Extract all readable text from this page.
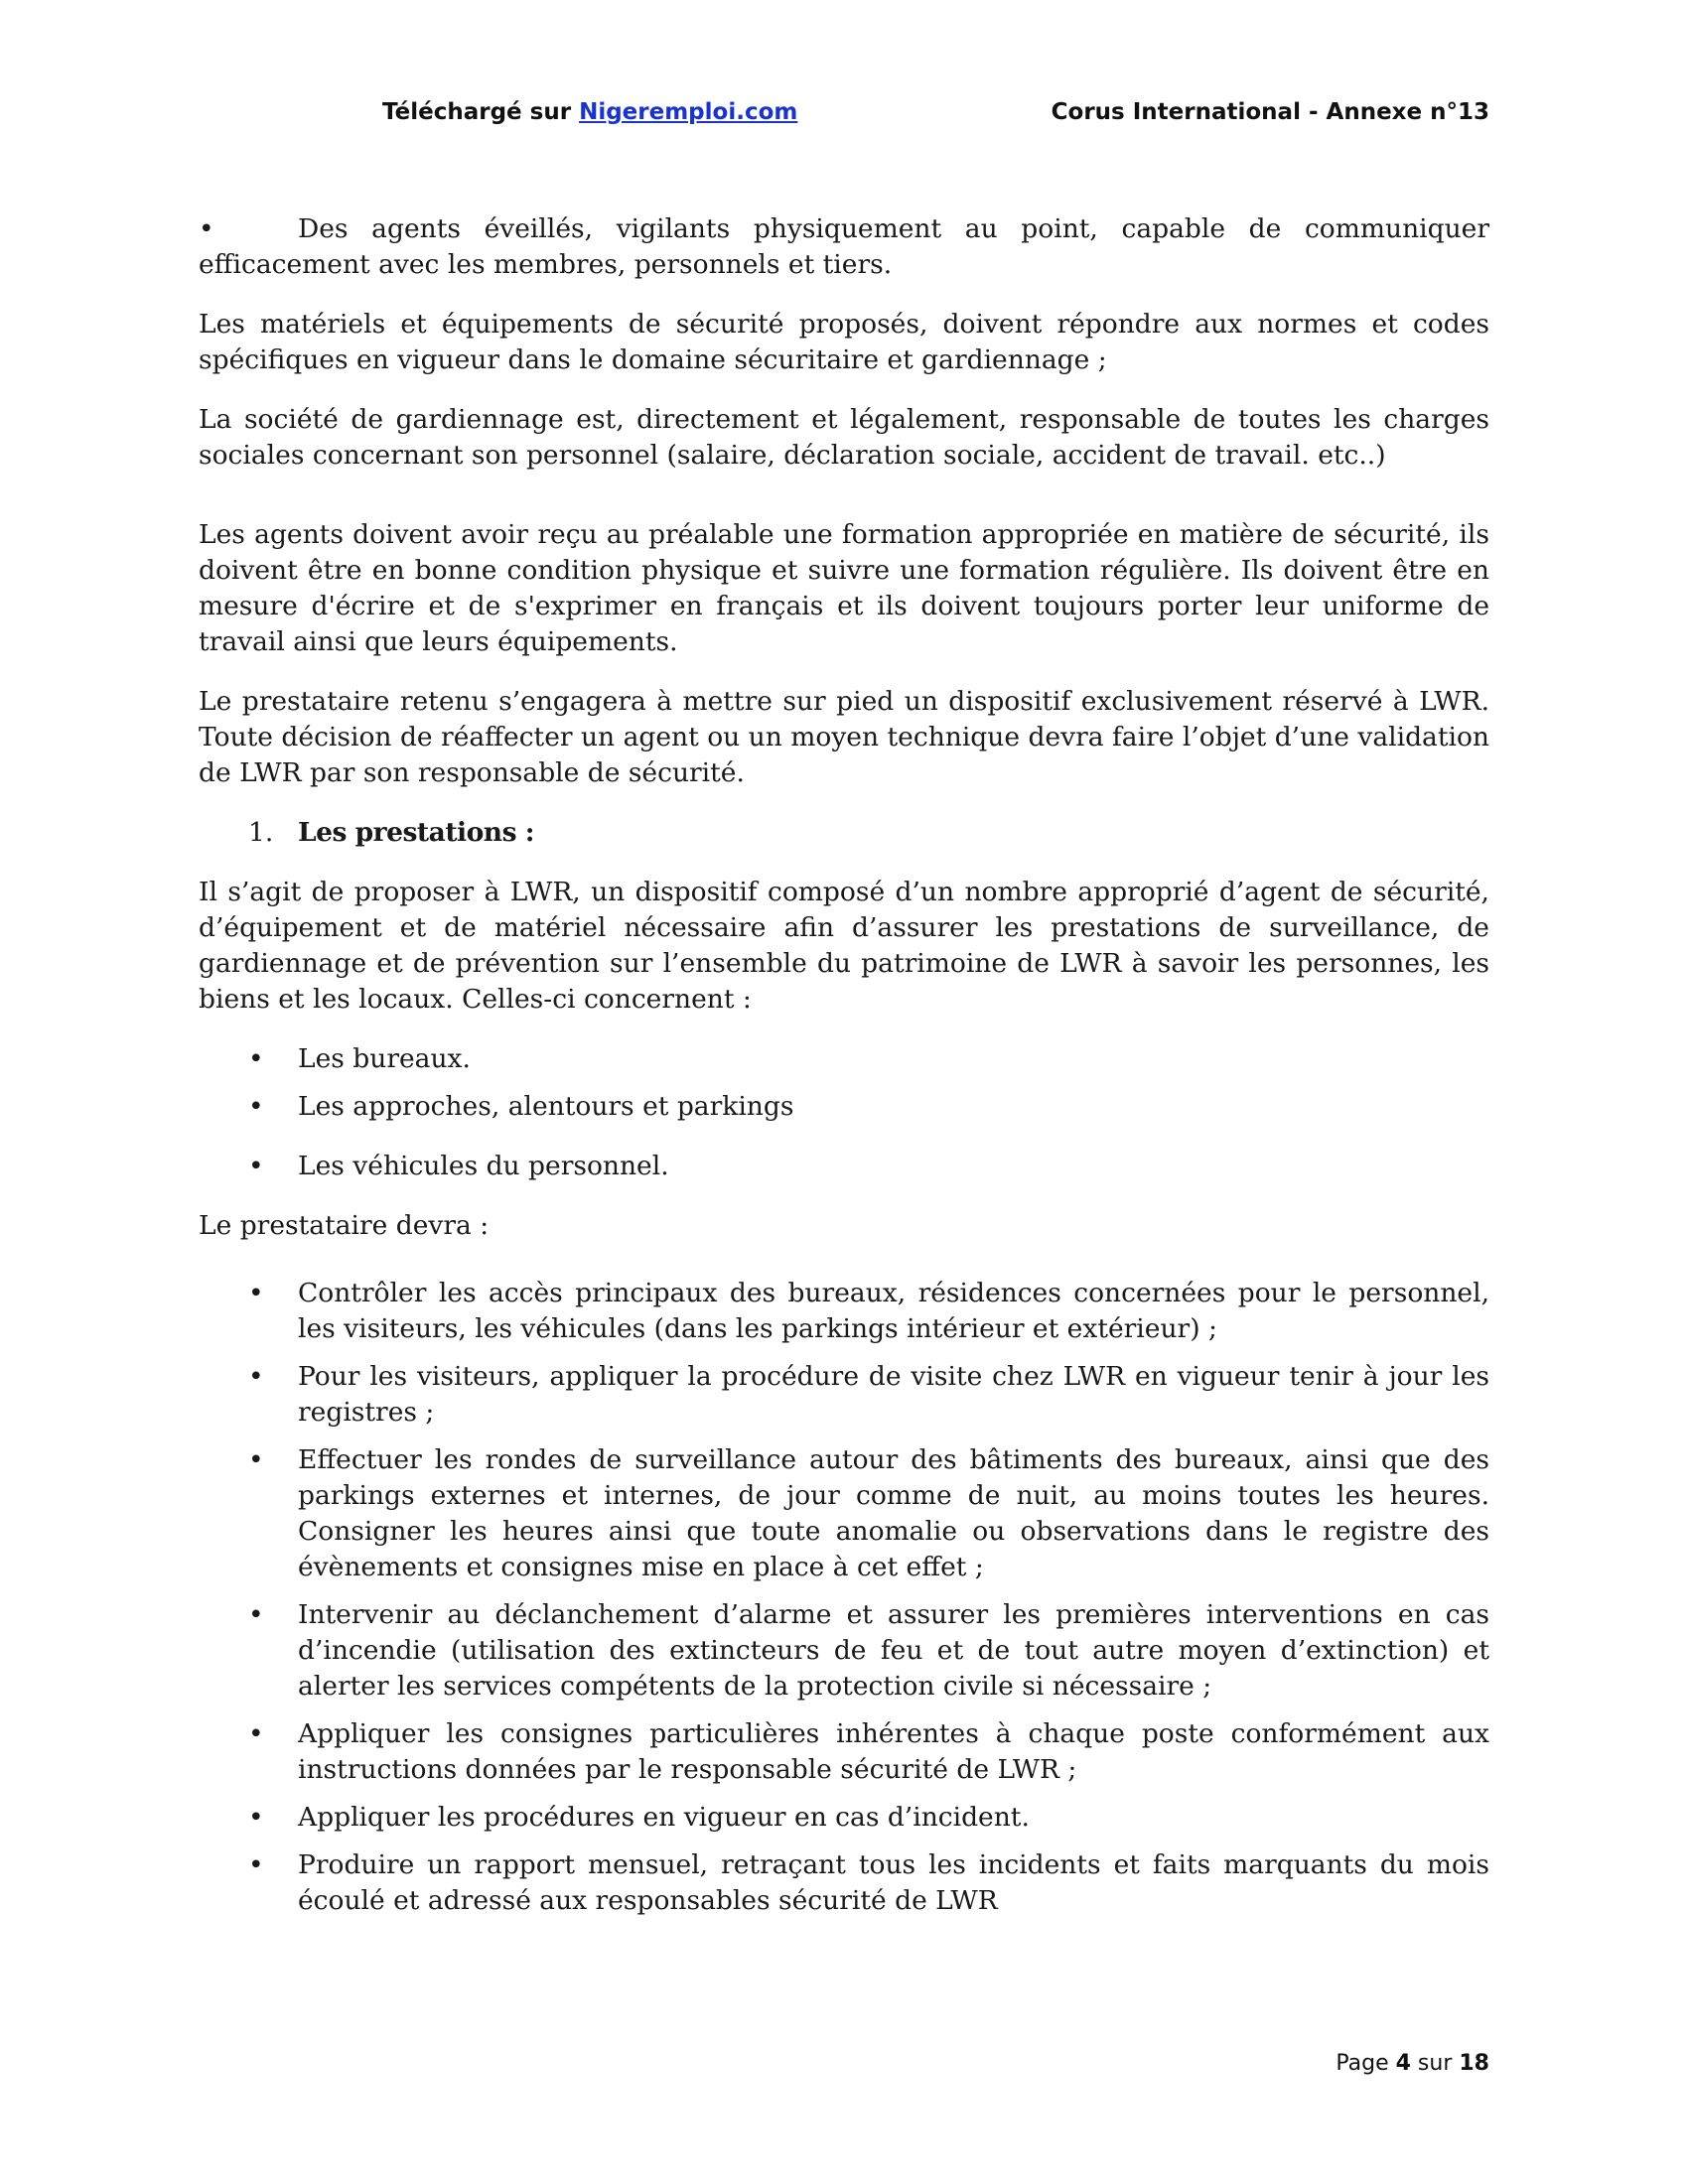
Téléchargé sur Nigeremploi.com	Corus International - Annexe n°13

•	Des agents éveillés, vigilants physiquement au point, capable de communiquer efficacement avec les membres, personnels et tiers.

Les matériels et équipements de sécurité proposés, doivent répondre aux normes et codes spécifiques en vigueur dans le domaine sécuritaire et gardiennage ;

La société de gardiennage est, directement et légalement, responsable de toutes les charges sociales concernant son personnel (salaire, déclaration sociale, accident de travail. etc..)

Les agents doivent avoir reçu au préalable une formation appropriée en matière de sécurité, ils doivent être en bonne condition physique et suivre une formation régulière. Ils doivent être en mesure d'écrire et de s'exprimer en français et ils doivent toujours porter leur uniforme de travail ainsi que leurs équipements.

Le prestataire retenu s’engagera à mettre sur pied un dispositif exclusivement réservé à LWR. Toute décision de réaffecter un agent ou un moyen technique devra faire l’objet d’une validation de LWR par son responsable de sécurité.

1. Les prestations :

Il s’agit de proposer à LWR, un dispositif composé d’un nombre approprié d’agent de sécurité, d’équipement et de matériel nécessaire afin d’assurer les prestations de surveillance, de gardiennage et de prévention sur l’ensemble du patrimoine de LWR à savoir les personnes, les biens et les locaux. Celles-ci concernent :

• Les bureaux.
• Les approches, alentours et parkings
• Les véhicules du personnel.

Le prestataire devra :

• Contrôler les accès principaux des bureaux, résidences concernées pour le personnel, les visiteurs, les véhicules (dans les parkings intérieur et extérieur) ;
• Pour les visiteurs, appliquer la procédure de visite chez LWR en vigueur tenir à jour les registres ;
• Effectuer les rondes de surveillance autour des bâtiments des bureaux, ainsi que des parkings externes et internes, de jour comme de nuit, au moins toutes les heures. Consigner les heures ainsi que toute anomalie ou observations dans le registre des évènements et consignes mise en place à cet effet ;
• Intervenir au déclanchement d’alarme et assurer les premières interventions en cas d’incendie (utilisation des extincteurs de feu et de tout autre moyen d’extinction) et alerter les services compétents de la protection civile si nécessaire ;
• Appliquer les consignes particulières inhérentes à chaque poste conformément aux instructions données par le responsable sécurité de LWR ;
• Appliquer les procédures en vigueur en cas d’incident.
• Produire un rapport mensuel, retraçant tous les incidents et faits marquants du mois écoulé et adressé aux responsables sécurité de LWR
Page 4 sur 18
